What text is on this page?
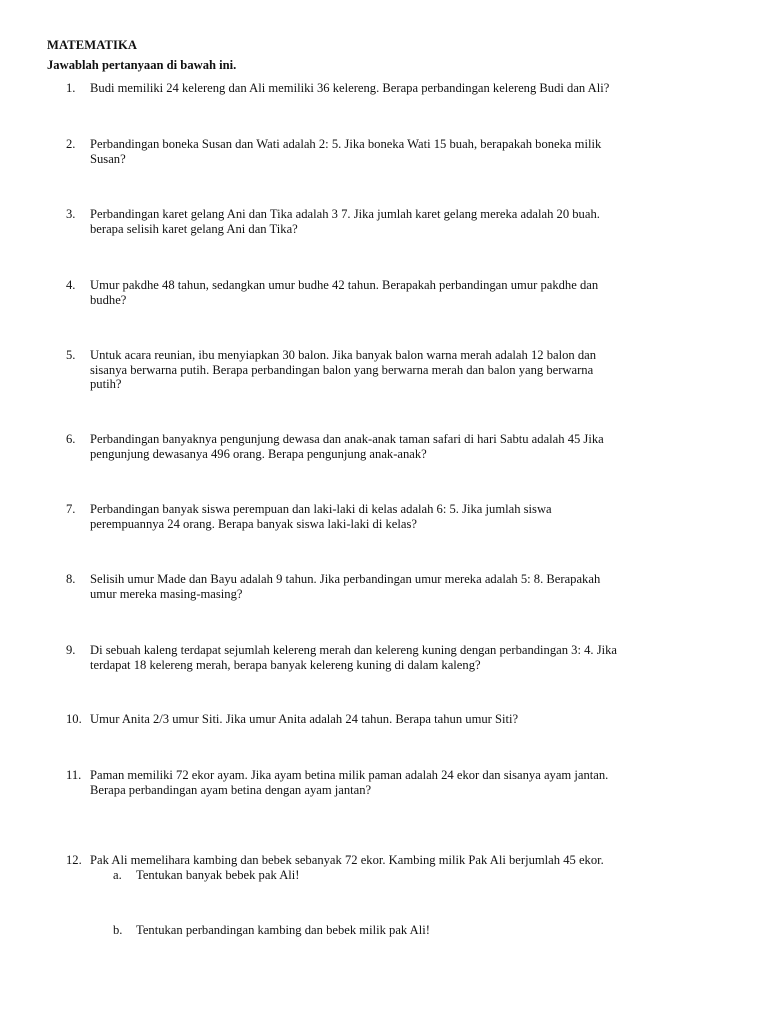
MATEMATIKA
Jawablah pertanyaan di bawah ini.
1.	Budi memiliki 24 kelereng dan Ali memiliki 36 kelereng. Berapa perbandingan kelereng Budi dan Ali?
2.	Perbandingan boneka Susan dan Wati adalah 2: 5. Jika boneka Wati 15 buah, berapakah boneka milik
Susan?
3.	Perbandingan karet gelang Ani dan Tika adalah 3 7. Jika jumlah karet gelang mereka adalah 20 buah.
berapa selisih karet gelang Ani dan Tika?
4.	Umur pakdhe 48 tahun, sedangkan umur budhe 42 tahun. Berapakah perbandingan umur pakdhe dan
budhe?
5.	Untuk acara reunian, ibu menyiapkan 30 balon. Jika banyak balon warna merah adalah 12 balon dan
sisanya berwarna putih. Berapa perbandingan balon yang berwarna merah dan balon yang berwarna
putih?
6.	Perbandingan banyaknya pengunjung dewasa dan anak-anak taman safari di hari Sabtu adalah 45 Jika
pengunjung dewasanya 496 orang. Berapa pengunjung anak-anak?
7.	Perbandingan banyak siswa perempuan dan laki-laki di kelas adalah 6: 5. Jika jumlah siswa
perempuannya 24 orang. Berapa banyak siswa laki-laki di kelas?
8.	Selisih umur Made dan Bayu adalah 9 tahun. Jika perbandingan umur mereka adalah 5: 8. Berapakah
umur mereka masing-masing?
9.	Di sebuah kaleng terdapat sejumlah kelereng merah dan kelereng kuning dengan perbandingan 3: 4. Jika
terdapat 18 kelereng merah, berapa banyak kelereng kuning di dalam kaleng?
10. Umur Anita 2/3 umur Siti. Jika umur Anita adalah 24 tahun. Berapa tahun umur Siti?
11. Paman memiliki 72 ekor ayam. Jika ayam betina milik paman adalah 24 ekor dan sisanya ayam jantan.
Berapa perbandingan ayam betina dengan ayam jantan?
12. Pak Ali memelihara kambing dan bebek sebanyak 72 ekor. Kambing milik Pak Ali berjumlah 45 ekor.
a. Tentukan banyak bebek pak Ali!
b. Tentukan perbandingan kambing dan bebek milik pak Ali!
